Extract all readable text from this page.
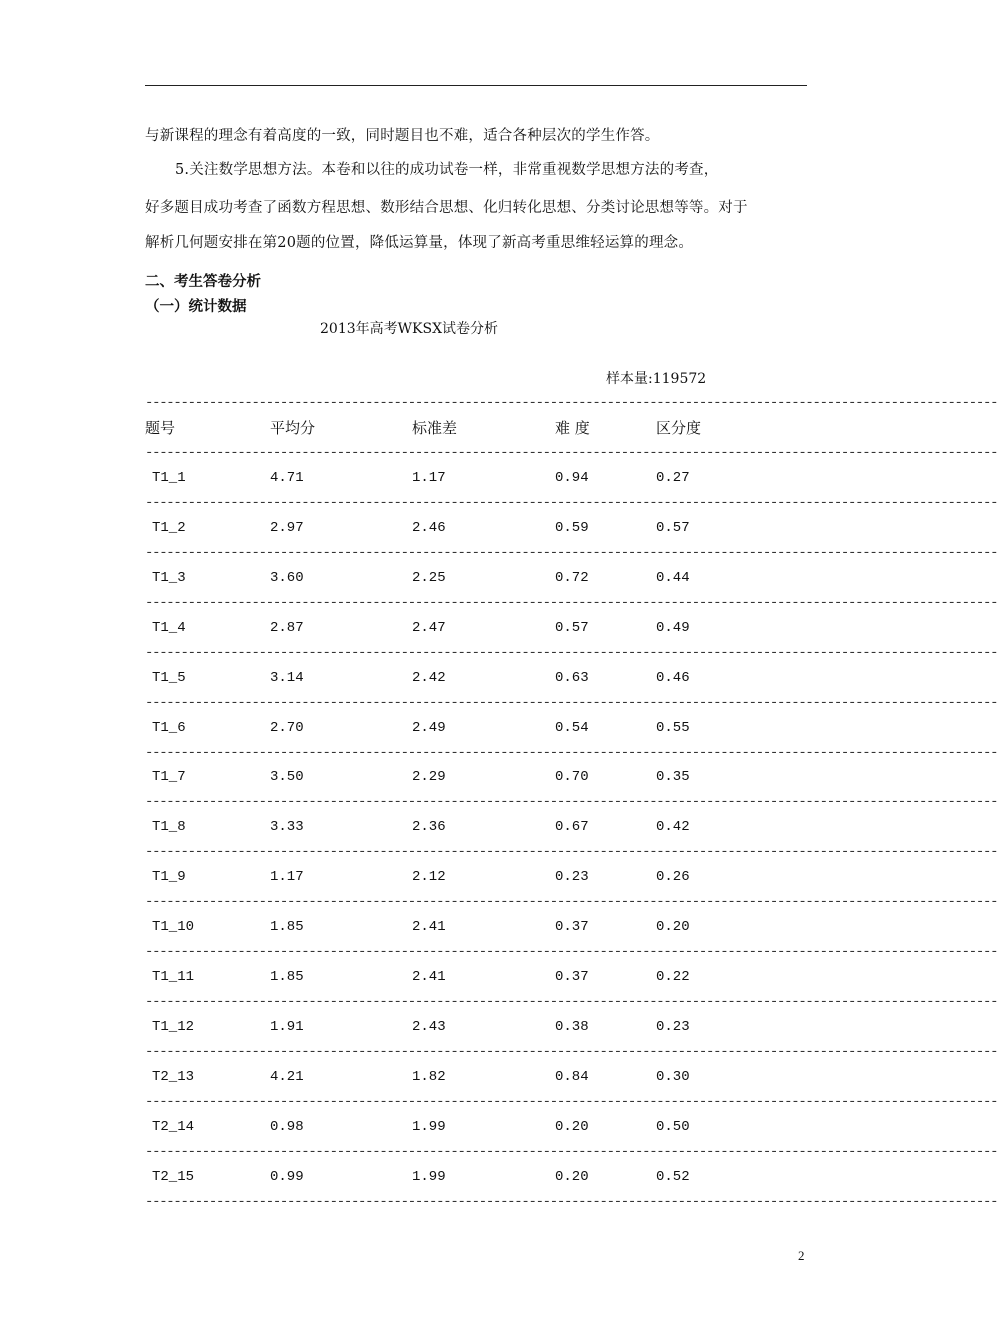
与新课程的理念有着高度的一致，同时题目也不难，适合各种层次的学生作答。
5.关注数学思想方法。本卷和以往的成功试卷一样，非常重视数学思想方法的考查，
好多题目成功考查了函数方程思想、数形结合思想、化归转化思想、分类讨论思想等等。对于
解析几何题安排在第20题的位置，降低运算量，体现了新高考重思维轻运算的理念。
二、考生答卷分析
（一）统计数据
2013年高考WKSX试卷分析
样本量:119572
------------------------------------------------------------------------------------------------------------------------
题号	平均分	标准差	难 度	区分度
------------------------------------------------------------------------------------------------------------------------
T1_1	4.71	1.17	0.94	0.27
------------------------------------------------------------------------------------------------------------------------
T1_2	2.97	2.46	0.59	0.57
------------------------------------------------------------------------------------------------------------------------
T1_3	3.60	2.25	0.72	0.44
------------------------------------------------------------------------------------------------------------------------
T1_4	2.87	2.47	0.57	0.49
------------------------------------------------------------------------------------------------------------------------
T1_5	3.14	2.42	0.63	0.46
------------------------------------------------------------------------------------------------------------------------
T1_6	2.70	2.49	0.54	0.55
------------------------------------------------------------------------------------------------------------------------
T1_7	3.50	2.29	0.70	0.35
------------------------------------------------------------------------------------------------------------------------
T1_8	3.33	2.36	0.67	0.42
------------------------------------------------------------------------------------------------------------------------
T1_9	1.17	2.12	0.23	0.26
------------------------------------------------------------------------------------------------------------------------
T1_10	1.85	2.41	0.37	0.20
------------------------------------------------------------------------------------------------------------------------
T1_11	1.85	2.41	0.37	0.22
------------------------------------------------------------------------------------------------------------------------
T1_12	1.91	2.43	0.38	0.23
------------------------------------------------------------------------------------------------------------------------
T2_13	4.21	1.82	0.84	0.30
------------------------------------------------------------------------------------------------------------------------
T2_14	0.98	1.99	0.20	0.50
------------------------------------------------------------------------------------------------------------------------
T2_15	0.99	1.99	0.20	0.52
------------------------------------------------------------------------------------------------------------------------
2
